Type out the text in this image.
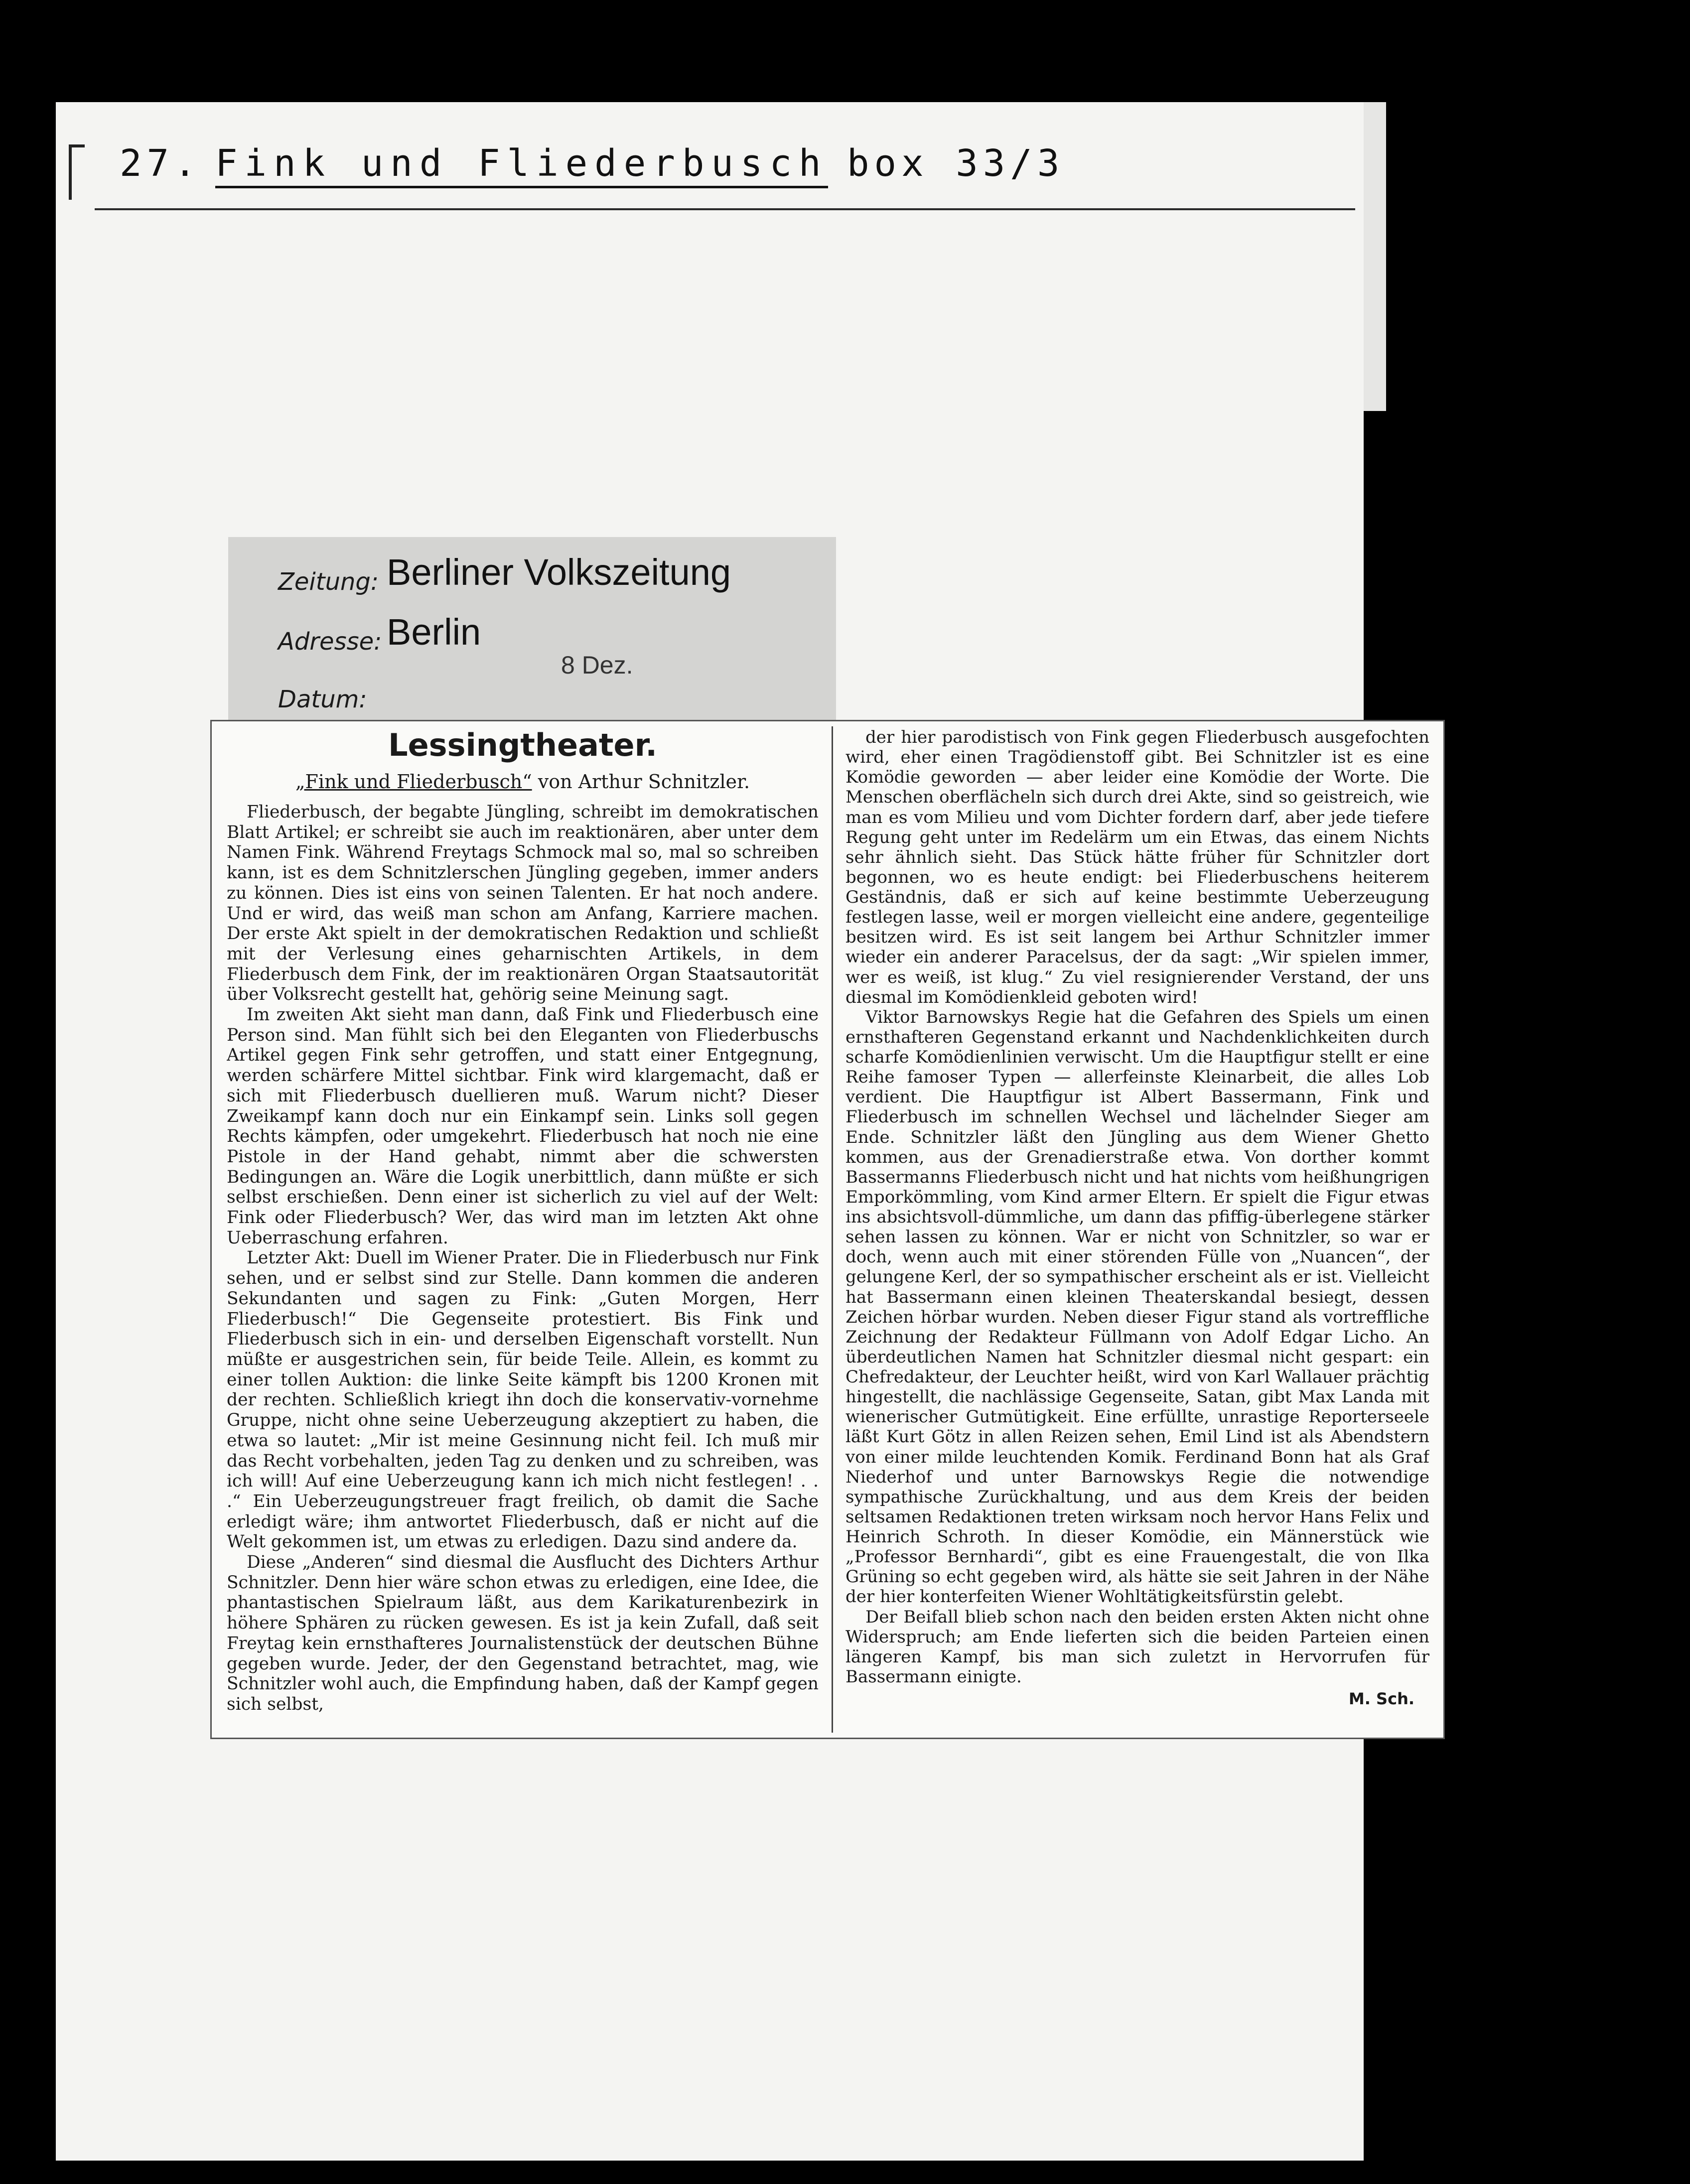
27. Fink und Fliederbusch box 33/3
Zeitung: Berliner Volkszeitung
Adresse: Berlin
Datum:
8 Dez.
Lessingtheater.
„Fink und Fliederbusch“ von Arthur Schnitzler.

Fliederbusch, der begabte Jüngling, schreibt im demokratischen Blatt Artikel; er schreibt sie auch im reaktionären, aber unter dem Namen Fink. Während Freytags Schmock mal so, mal so schreiben kann, ist es dem Schnitzlerschen Jüngling gegeben, immer anders zu können. Dies ist eins von seinen Talenten. Er hat noch andere. Und er wird, das weiß man schon am Anfang, Karriere machen. Der erste Akt spielt in der demokratischen Redaktion und schließt mit der Verlesung eines geharnischten Artikels, in dem Fliederbusch dem Fink, der im reaktionären Organ Staatsautorität über Volksrecht gestellt hat, gehörig seine Meinung sagt.

Im zweiten Akt sieht man dann, daß Fink und Fliederbusch eine Person sind. Man fühlt sich bei den Eleganten von Fliederbuschs Artikel gegen Fink sehr getroffen, und statt einer Entgegnung, werden schärfere Mittel sichtbar. Fink wird klargemacht, daß er sich mit Fliederbusch duellieren muß. Warum nicht? Dieser Zweikampf kann doch nur ein Einkampf sein. Links soll gegen Rechts kämpfen, oder umgekehrt. Fliederbusch hat noch nie eine Pistole in der Hand gehabt, nimmt aber die schwersten Bedingungen an. Wäre die Logik unerbittlich, dann müßte er sich selbst erschießen. Denn einer ist sicherlich zu viel auf der Welt: Fink oder Fliederbusch? Wer, das wird man im letzten Akt ohne Ueberraschung erfahren.

Letzter Akt: Duell im Wiener Prater. Die in Fliederbusch nur Fink sehen, und er selbst sind zur Stelle. Dann kommen die anderen Sekundanten und sagen zu Fink: „Guten Morgen, Herr Fliederbusch!“ Die Gegenseite protestiert. Bis Fink und Fliederbusch sich in ein- und derselben Eigenschaft vorstellt. Nun müßte er ausgestrichen sein, für beide Teile. Allein, es kommt zu einer tollen Auktion: die linke Seite kämpft bis 1200 Kronen mit der rechten. Schließlich kriegt ihn doch die konservativ-vornehme Gruppe, nicht ohne seine Ueberzeugung akzeptiert zu haben, die etwa so lautet: „Mir ist meine Gesinnung nicht feil. Ich muß mir das Recht vorbehalten, jeden Tag zu denken und zu schreiben, was ich will! Auf eine Ueberzeugung kann ich mich nicht festlegen! . . .“ Ein Ueberzeugungstreuer fragt freilich, ob damit die Sache erledigt wäre; ihm antwortet Fliederbusch, daß er nicht auf die Welt gekommen ist, um etwas zu erledigen. Dazu sind andere da.

Diese „Anderen“ sind diesmal die Ausflucht des Dichters Arthur Schnitzler. Denn hier wäre schon etwas zu erledigen, eine Idee, die phantastischen Spielraum läßt, aus dem Karikaturenbezirk in höhere Sphären zu rücken gewesen. Es ist ja kein Zufall, daß seit Freytag kein ernsthafteres Journalistenstück der deutschen Bühne gegeben wurde. Jeder, der den Gegenstand betrachtet, mag, wie Schnitzler wohl auch, die Empfindung haben, daß der Kampf gegen sich selbst,

der hier parodistisch von Fink gegen Fliederbusch ausgefochten wird, eher einen Tragödienstoff gibt. Bei Schnitzler ist es eine Komödie geworden — aber leider eine Komödie der Worte. Die Menschen oberflächeln sich durch drei Akte, sind so geistreich, wie man es vom Milieu und vom Dichter fordern darf, aber jede tiefere Regung geht unter im Redelärm um ein Etwas, das einem Nichts sehr ähnlich sieht. Das Stück hätte früher für Schnitzler dort begonnen, wo es heute endigt: bei Fliederbuschens heiterem Geständnis, daß er sich auf keine bestimmte Ueberzeugung festlegen lasse, weil er morgen vielleicht eine andere, gegenteilige besitzen wird. Es ist seit langem bei Arthur Schnitzler immer wieder ein anderer Paracelsus, der da sagt: „Wir spielen immer, wer es weiß, ist klug.“ Zu viel resignierender Verstand, der uns diesmal im Komödienkleid geboten wird!

Viktor Barnowskys Regie hat die Gefahren des Spiels um einen ernsthafteren Gegenstand erkannt und Nachdenklichkeiten durch scharfe Komödienlinien verwischt. Um die Hauptfigur stellt er eine Reihe famoser Typen — allerfeinste Kleinarbeit, die alles Lob verdient. Die Hauptfigur ist Albert Bassermann, Fink und Fliederbusch im schnellen Wechsel und lächelnder Sieger am Ende. Schnitzler läßt den Jüngling aus dem Wiener Ghetto kommen, aus der Grenadierstraße etwa. Von dorther kommt Bassermanns Fliederbusch nicht und hat nichts vom heißhungrigen Emporkömmling, vom Kind armer Eltern. Er spielt die Figur etwas ins absichtsvoll-dümmliche, um dann das pfiffig-überlegene stärker sehen lassen zu können. War er nicht von Schnitzler, so war er doch, wenn auch mit einer störenden Fülle von „Nuancen“, der gelungene Kerl, der so sympathischer erscheint als er ist. Vielleicht hat Bassermann einen kleinen Theaterskandal besiegt, dessen Zeichen hörbar wurden. Neben dieser Figur stand als vortreffliche Zeichnung der Redakteur Füllmann von Adolf Edgar Licho. An überdeutlichen Namen hat Schnitzler diesmal nicht gespart: ein Chefredakteur, der Leuchter heißt, wird von Karl Wallauer prächtig hingestellt, die nachlässige Gegenseite, Satan, gibt Max Landa mit wienerischer Gutmütigkeit. Eine erfüllte, unrastige Reporterseele läßt Kurt Götz in allen Reizen sehen, Emil Lind ist als Abendstern von einer milde leuchtenden Komik. Ferdinand Bonn hat als Graf Niederhof und unter Barnowskys Regie die notwendige sympathische Zurückhaltung, und aus dem Kreis der beiden seltsamen Redaktionen treten wirksam noch hervor Hans Felix und Heinrich Schroth. In dieser Komödie, ein Männerstück wie „Professor Bernhardi“, gibt es eine Frauengestalt, die von Ilka Grüning so echt gegeben wird, als hätte sie seit Jahren in der Nähe der hier konterfeiten Wiener Wohltätigkeitsfürstin gelebt.

Der Beifall blieb schon nach den beiden ersten Akten nicht ohne Widerspruch; am Ende lieferten sich die beiden Parteien einen längeren Kampf, bis man sich zuletzt in Hervorrufen für Bassermann einigte.

M. Sch.
